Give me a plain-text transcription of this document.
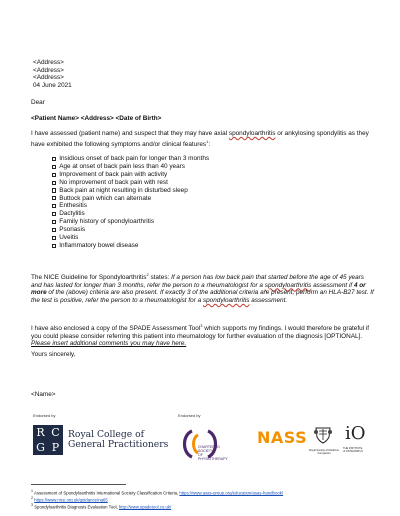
<Address>
<Address>
<Address>
04 June 2021
Dear
<Patient Name> <Address> <Date of Birth>
I have assessed (patient name) and suspect that they may have axial spondyloarthritis or ankylosing spondylitis as they have exhibited the following symptoms and/or clinical features$^1$:
Insidious onset of back pain for longer than 3 months
Age at onset of back pain less than 40 years
Improvement of back pain with activity
No improvement of back pain with rest
Back pain at night resulting in disturbed sleep
Buttock pain which can alternate
Enthesitis
Dactylitis
Family history of spondyloarthritis
Psoriasis
Uveitis
Inflammatory bowel disease
The NICE Guideline for Spondyloarthritis$^2$ states: If a person has low back pain that started before the age of 45 years and has lasted for longer than 3 months, refer the person to a rheumatologist for a spondyloarthritis assessment if 4 or more of the (above) criteria are also present. If exactly 3 of the additional criteria are present, perform an HLA-B27 test. If the test is positive, refer the person to a rheumatologist for a spondyloarthritis assessment.
I have also enclosed a copy of the SPADE Assessment Tool$^3$ which supports my findings. I would therefore be grateful if you could please consider referring this patient into rheumatology for further evaluation of the diagnosis [OPTIONAL]. Please insert additional comments you may have here.
Yours sincerely,
<Name>
Endorsed by	Endorsed by
R C
G P
Royal College of
General Practitioners	CHARTERED
SOCIETY
OF
PHYSIOTHERAPY
NASS
Royal Society of Medicine
Companion
iO
THE INSTITUTE
of OSTEOPATHY
$^1$ Assessment of Spondyloarthritis International Society Classification Criteria, https://www.asas-group.org/education/asas-handbook/
$^2$ https://www.nice.org.uk/guidance/ng65
$^3$ Spondyloarthritis Diagnosis Evaluation Tool, http://www.spadetool.co.uk/
